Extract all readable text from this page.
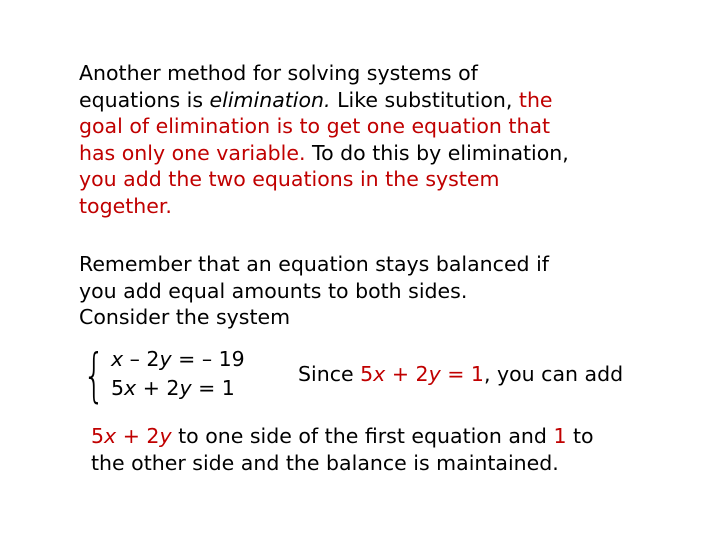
Another method for solving systems of
equations is elimination. Like substitution, the
goal of elimination is to get one equation that
has only one variable. To do this by elimination,
you add the two equations in the system
together.
Remember that an equation stays balanced if
you add equal amounts to both sides.
Consider the system
{ x – 2y = – 19
5x + 2y = 1
Since 5x + 2y = 1, you can add
5x + 2y to one side of the first equation and 1 to
the other side and the balance is maintained.
